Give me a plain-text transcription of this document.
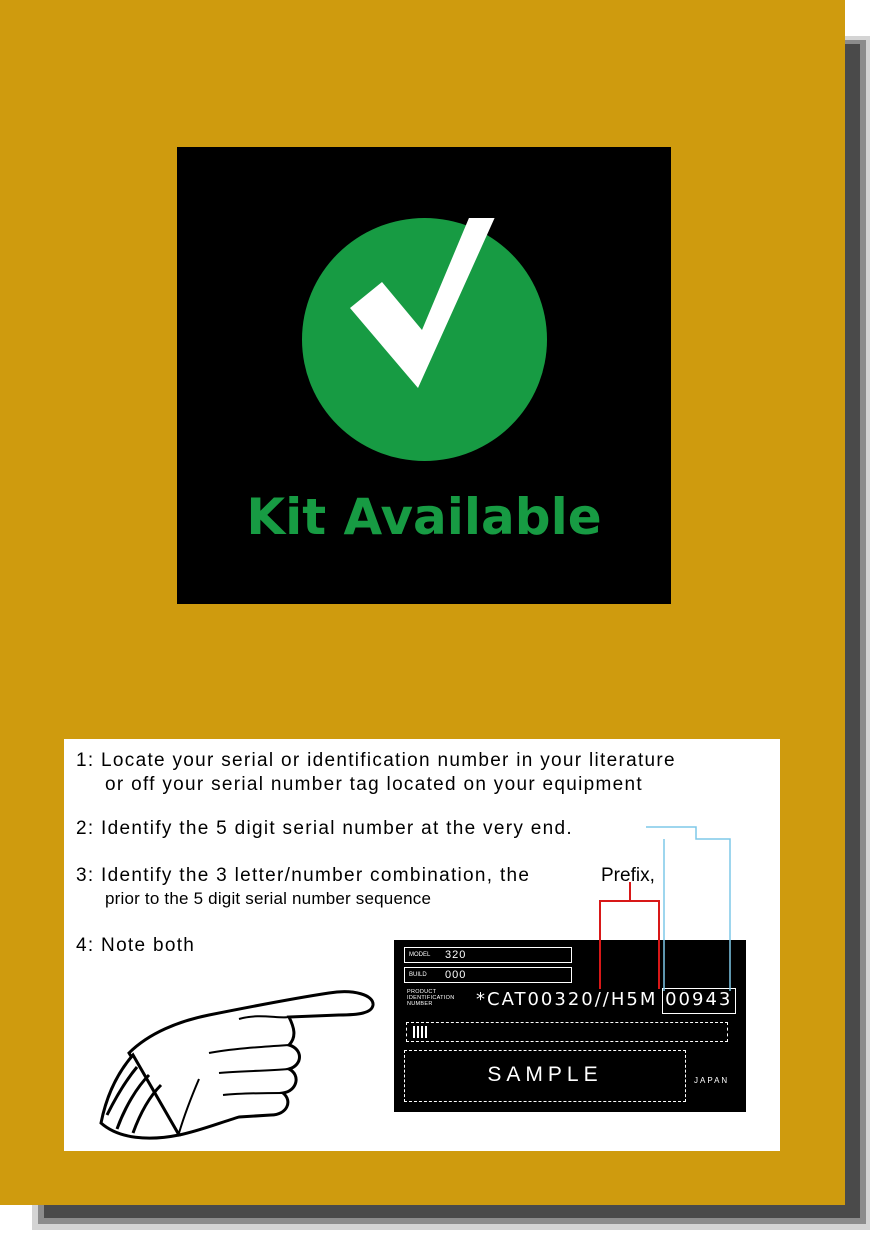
Kit Available
1: Locate your serial or identification number in your literature
or off your serial number tag located on your equipment
2: Identify the 5 digit serial number at the very end.
3: Identify the 3 letter/number combination, the	Prefix,
prior to the 5 digit serial number sequence
4: Note both	MODEL 320
BUILD 000
PRODUCT
IDENTIFICATION
NUMBER	*CAT00320//H5M 00943
SAMPLE	JAPAN
